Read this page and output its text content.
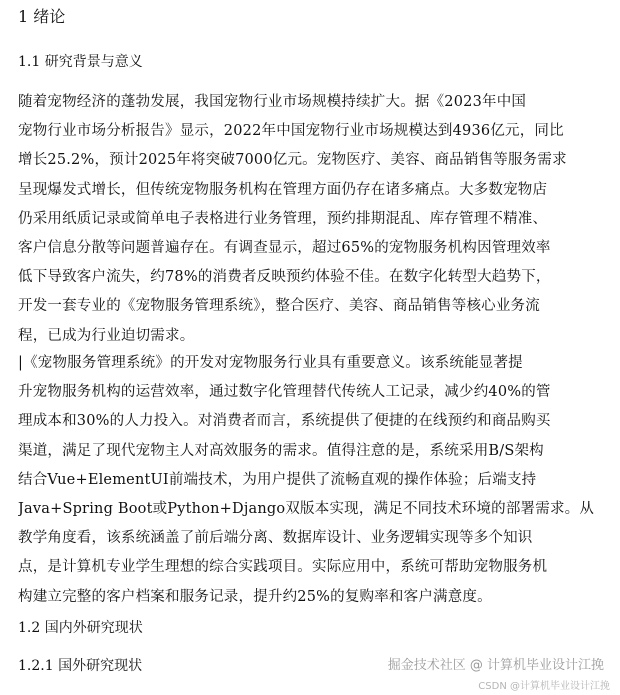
1 绪论
1.1 研究背景与意义
随着宠物经济的蓬勃发展，我国宠物行业市场规模持续扩大。据《2023年中国
宠物行业市场分析报告》显示，2022年中国宠物行业市场规模达到4936亿元，同比
增长25.2%，预计2025年将突破7000亿元。宠物医疗、美容、商品销售等服务需求
呈现爆发式增长，但传统宠物服务机构在管理方面仍存在诸多痛点。大多数宠物店
仍采用纸质记录或简单电子表格进行业务管理，预约排期混乱、库存管理不精准、
客户信息分散等问题普遍存在。有调查显示，超过65%的宠物服务机构因管理效率
低下导致客户流失，约78%的消费者反映预约体验不佳。在数字化转型大趋势下，
开发一套专业的《宠物服务管理系统》，整合医疗、美容、商品销售等核心业务流
程，已成为行业迫切需求。
|《宠物服务管理系统》的开发对宠物服务行业具有重要意义。该系统能显著提
升宠物服务机构的运营效率，通过数字化管理替代传统人工记录，减少约40%的管
理成本和30%的人力投入。对消费者而言，系统提供了便捷的在线预约和商品购买
渠道，满足了现代宠物主人对高效服务的需求。值得注意的是，系统采用B/S架构
结合Vue+ElementUI前端技术，为用户提供了流畅直观的操作体验；后端支持
Java+Spring Boot或Python+Django双版本实现，满足不同技术环境的部署需求。从
教学角度看，该系统涵盖了前后端分离、数据库设计、业务逻辑实现等多个知识
点，是计算机专业学生理想的综合实践项目。实际应用中，系统可帮助宠物服务机
构建立完整的客户档案和服务记录，提升约25%的复购率和客户满意度。
1.2 国内外研究现状
1.2.1 国外研究现状	掘金技术社区 @ 计算机毕业设计江挽
CSDN @计算机毕业设计江挽
